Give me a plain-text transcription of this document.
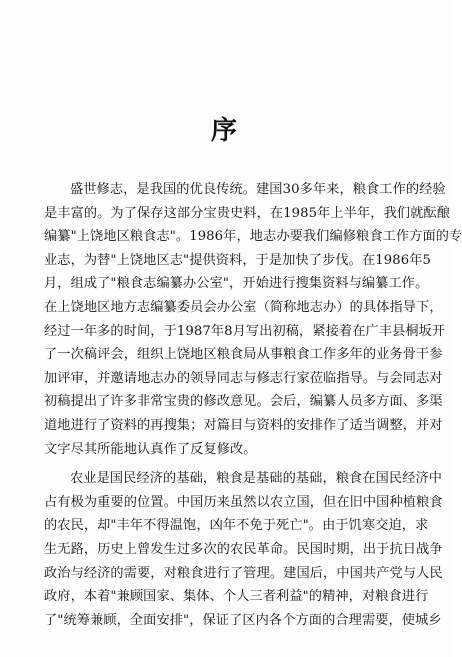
序
盛世修志，是我国的优良传统。建国30多年来，粮食工作的经验
是丰富的。为了保存这部分宝贵史料，在1985年上半年，我们就酝酿
编纂"上饶地区粮食志"。1986年，地志办要我们编修粮食工作方面的专
业志，为替"上饶地区志"提供资料，于是加快了步伐。在1986年5
月，组成了"粮食志编纂办公室"，开始进行搜集资料与编纂工作。
在上饶地区地方志编纂委员会办公室（简称地志办）的具体指导下，
经过一年多的时间，于1987年8月写出初稿，紧接着在广丰县桐坂开
了一次稿评会，组织上饶地区粮食局从事粮食工作多年的业务骨干参
加评审，并邀请地志办的领导同志与修志行家莅临指导。与会同志对
初稿提出了许多非常宝贵的修改意见。会后，编纂人员多方面、多渠
道地进行了资料的再搜集；对篇目与资料的安排作了适当调整，并对
文字尽其所能地认真作了反复修改。
农业是国民经济的基础，粮食是基础的基础，粮食在国民经济中
占有极为重要的位置。中国历来虽然以农立国，但在旧中国种植粮食
的农民，却"丰年不得温饱，凶年不免于死亡"。由于饥寒交迫，求
生无路，历史上曾发生过多次的农民革命。民国时期，出于抗日战争
政治与经济的需要，对粮食进行了管理。建国后，中国共产党与人民
政府，本着"兼顾国家、集体、个人三者利益"的精神，对粮食进行
了"统筹兼顾，全面安排"，保证了区内各个方面的合理需要，使城乡
